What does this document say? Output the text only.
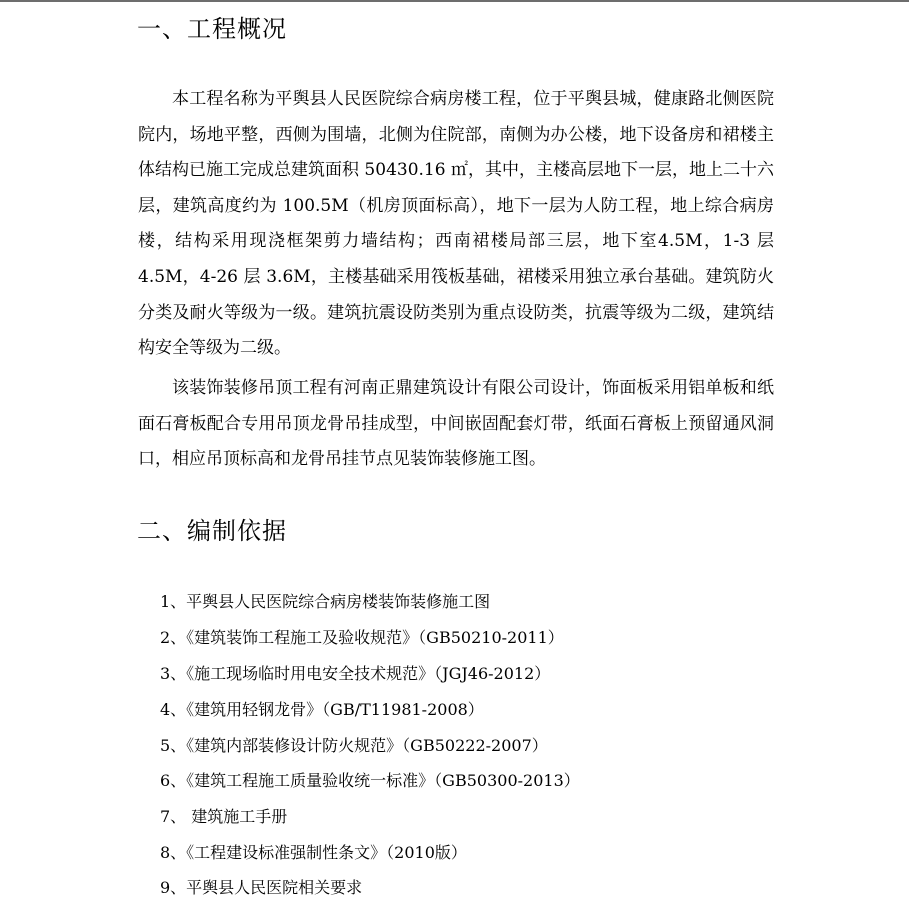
一、工程概况

本工程名称为平舆县人民医院综合病房楼工程，位于平舆县城，健康路北侧医院院内，场地平整，西侧为围墙，北侧为住院部，南侧为办公楼，地下设备房和裙楼主体结构已施工完成总建筑面积 50430.16 ㎡，其中，主楼高层地下一层，地上二十六层，建筑高度约为 100.5M（机房顶面标高），地下一层为人防工程，地上综合病房楼，结构采用现浇框架剪力墙结构；西南裙楼局部三层，地下室4.5M，1-3 层 4.5M，4-26 层 3.6M，主楼基础采用筏板基础，裙楼采用独立承台基础。建筑防火分类及耐火等级为一级。建筑抗震设防类别为重点设防类，抗震等级为二级，建筑结构安全等级为二级。

该装饰装修吊顶工程有河南正鼎建筑设计有限公司设计，饰面板采用铝单板和纸面石膏板配合专用吊顶龙骨吊挂成型，中间嵌固配套灯带，纸面石膏板上预留通风洞口，相应吊顶标高和龙骨吊挂节点见装饰装修施工图。

二、编制依据
1、平舆县人民医院综合病房楼装饰装修施工图
2、《建筑装饰工程施工及验收规范》（GB50210-2011）
3、《施工现场临时用电安全技术规范》（JGJ46-2012）
4、《建筑用轻钢龙骨》（GB/T11981-2008）
5、《建筑内部装修设计防火规范》（GB50222-2007）
6、《建筑工程施工质量验收统一标准》（GB50300-2013）
7、 建筑施工手册
8、《工程建设标准强制性条文》（2010版）
9、平舆县人民医院相关要求
